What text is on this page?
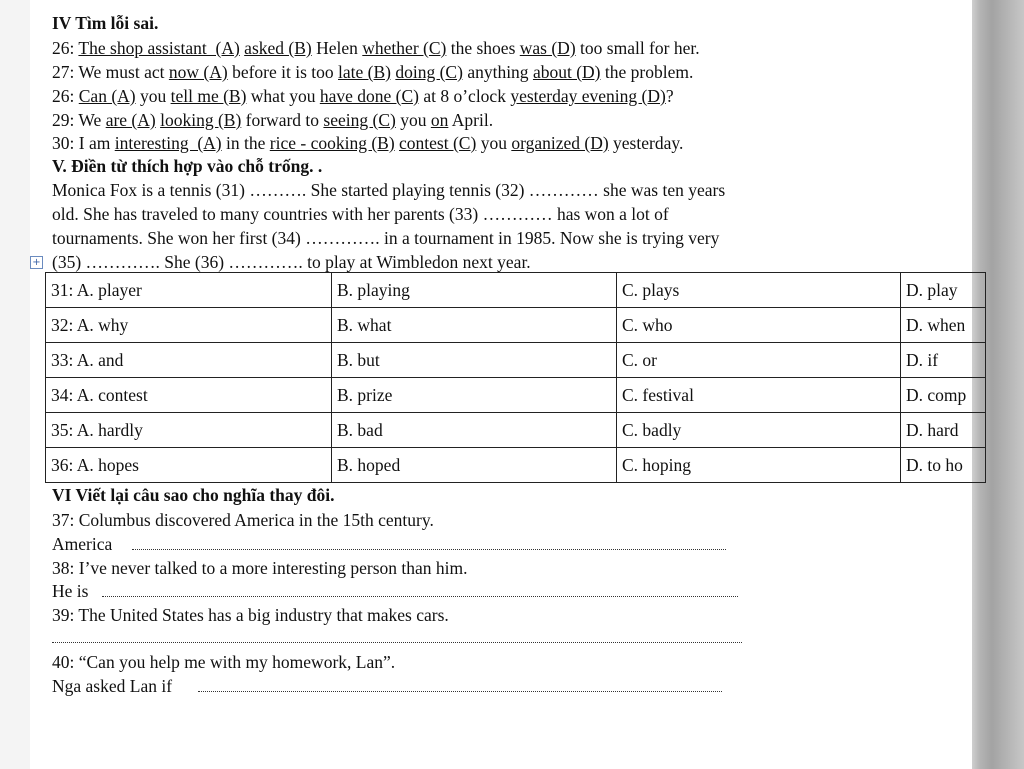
IV Tìm lỗi sai.
26: The shop assistant  (A) asked (B) Helen whether (C) the shoes was (D) too small for her.
27: We must act now (A) before it is too late (B) doing (C) anything about (D) the problem.
26: Can (A) you tell me (B) what you have done (C) at 8 o’clock yesterday evening (D)?
29: We are (A) looking (B) forward to seeing (C) you on April.
30: I am interesting  (A) in the rice - cooking (B) contest (C) you organized (D) yesterday.
V. Điền từ thích hợp vào chỗ trống. .
Monica Fox is a tennis (31) ………. She started playing tennis (32) ………… she was ten years
old. She has traveled to many countries with her parents (33) ………… has won a lot of
tournaments. She won her first (34) …………. in a tournament in 1985. Now she is trying very
(35) …………. She (36) …………. to play at Wimbledon next year.
+
31: A. player	B. playing	C. plays	D. play
32: A. why	B. what	C. who	D. when
33: A. and	B. but	C. or	D. if
34: A. contest	B. prize	C. festival	D. comp
35: A. hardly	B. bad	C. badly	D. hard
36: A. hopes	B. hoped	C. hoping	D. to ho
VI Viết lại câu sao cho nghĩa thay đôi.
37: Columbus discovered America in the 15th century.
America
38: I’ve never talked to a more interesting person than him.
He is
39: The United States has a big industry that makes cars.
40: “Can you help me with my homework, Lan”.
Nga asked Lan if
